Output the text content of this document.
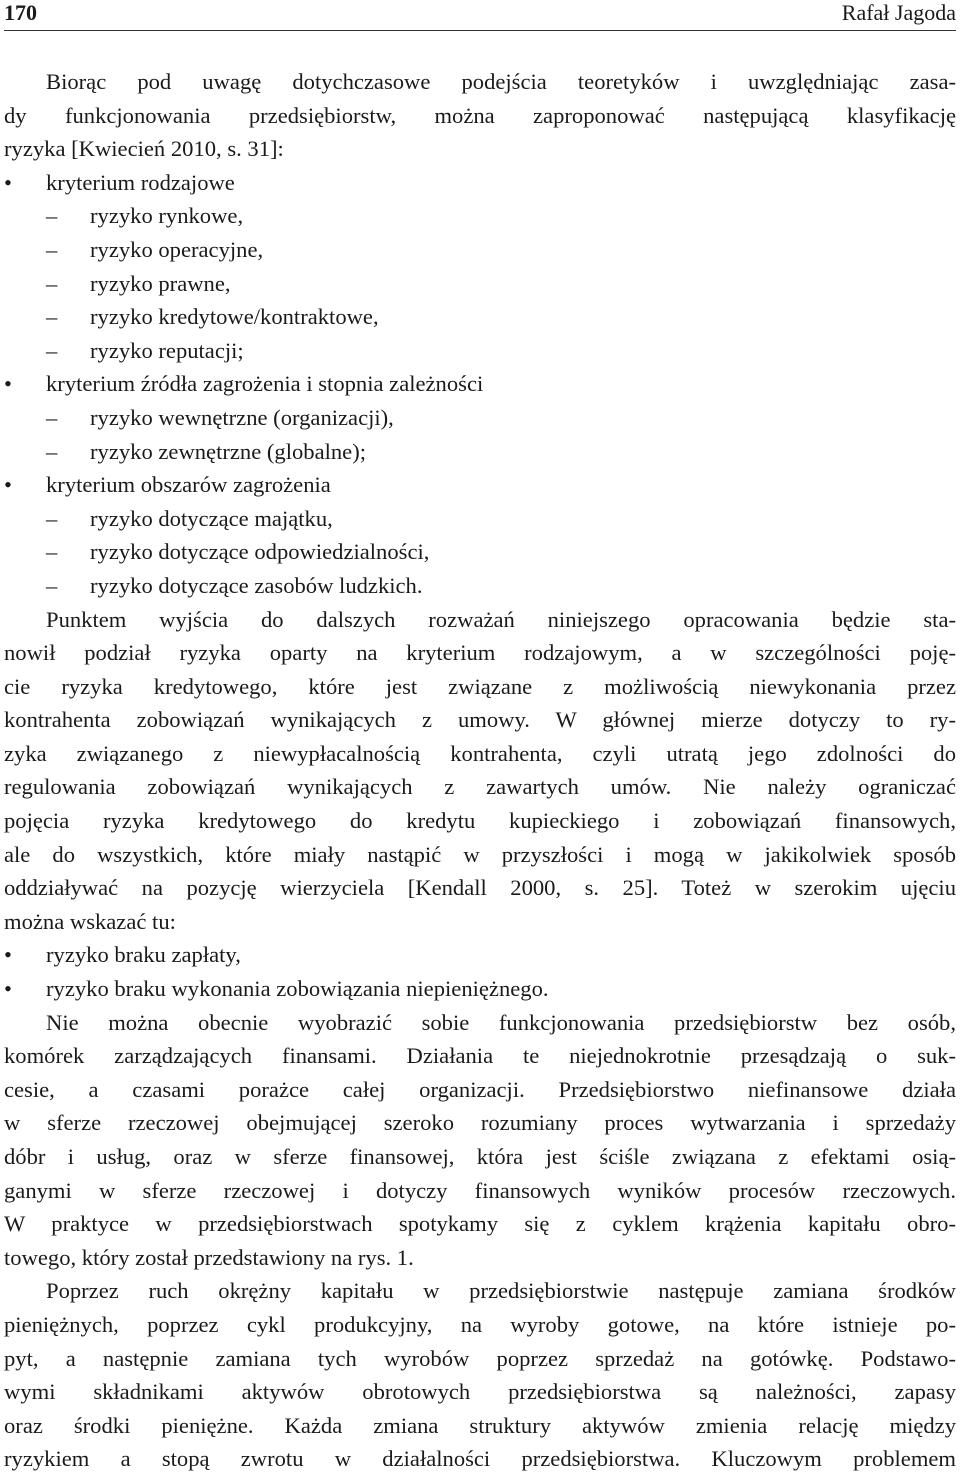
170	Rafał Jagoda

Biorąc pod uwagę dotychczasowe podejścia teoretyków i uwzględniając zasa-
dy funkcjonowania przedsiębiorstw, można zaproponować następującą klasyfikację
ryzyka [Kwiecień 2010, s. 31]:

•	kryterium rodzajowe
–	ryzyko rynkowe,
–	ryzyko operacyjne,
–	ryzyko prawne,
–	ryzyko kredytowe/kontraktowe,
–	ryzyko reputacji;
•	kryterium źródła zagrożenia i stopnia zależności
–	ryzyko wewnętrzne (organizacji),
–	ryzyko zewnętrzne (globalne);
•	kryterium obszarów zagrożenia
–	ryzyko dotyczące majątku,
–	ryzyko dotyczące odpowiedzialności,
–	ryzyko dotyczące zasobów ludzkich.

Punktem wyjścia do dalszych rozważań niniejszego opracowania będzie sta-
nowił podział ryzyka oparty na kryterium rodzajowym, a w szczególności poję-
cie ryzyka kredytowego, które jest związane z możliwością niewykonania przez
kontrahenta zobowiązań wynikających z umowy. W głównej mierze dotyczy to ry-
zyka związanego z niewypłacalnością kontrahenta, czyli utratą jego zdolności do
regulowania zobowiązań wynikających z zawartych umów. Nie należy ograniczać
pojęcia ryzyka kredytowego do kredytu kupieckiego i zobowiązań finansowych,
ale do wszystkich, które miały nastąpić w przyszłości i mogą w jakikolwiek sposób
oddziaływać na pozycję wierzyciela [Kendall 2000, s. 25]. Toteż w szerokim ujęciu
można wskazać tu:

•	ryzyko braku zapłaty,
•	ryzyko braku wykonania zobowiązania niepieniężnego.

Nie można obecnie wyobrazić sobie funkcjonowania przedsiębiorstw bez osób,
komórek zarządzających finansami. Działania te niejednokrotnie przesądzają o suk-
cesie, a czasami porażce całej organizacji. Przedsiębiorstwo niefinansowe działa
w sferze rzeczowej obejmującej szeroko rozumiany proces wytwarzania i sprzedaży
dóbr i usług, oraz w sferze finansowej, która jest ściśle związana z efektami osią-
ganymi w sferze rzeczowej i dotyczy finansowych wyników procesów rzeczowych.
W praktyce w przedsiębiorstwach spotykamy się z cyklem krążenia kapitału obro-
towego, który został przedstawiony na rys. 1.

Poprzez ruch okrężny kapitału w przedsiębiorstwie następuje zamiana środków
pieniężnych, poprzez cykl produkcyjny, na wyroby gotowe, na które istnieje po-
pyt, a następnie zamiana tych wyrobów poprzez sprzedaż na gotówkę. Podstawo-
wymi składnikami aktywów obrotowych przedsiębiorstwa są należności, zapasy
oraz środki pieniężne. Każda zmiana struktury aktywów zmienia relację między
ryzykiem a stopą zwrotu w działalności przedsiębiorstwa. Kluczowym problemem
